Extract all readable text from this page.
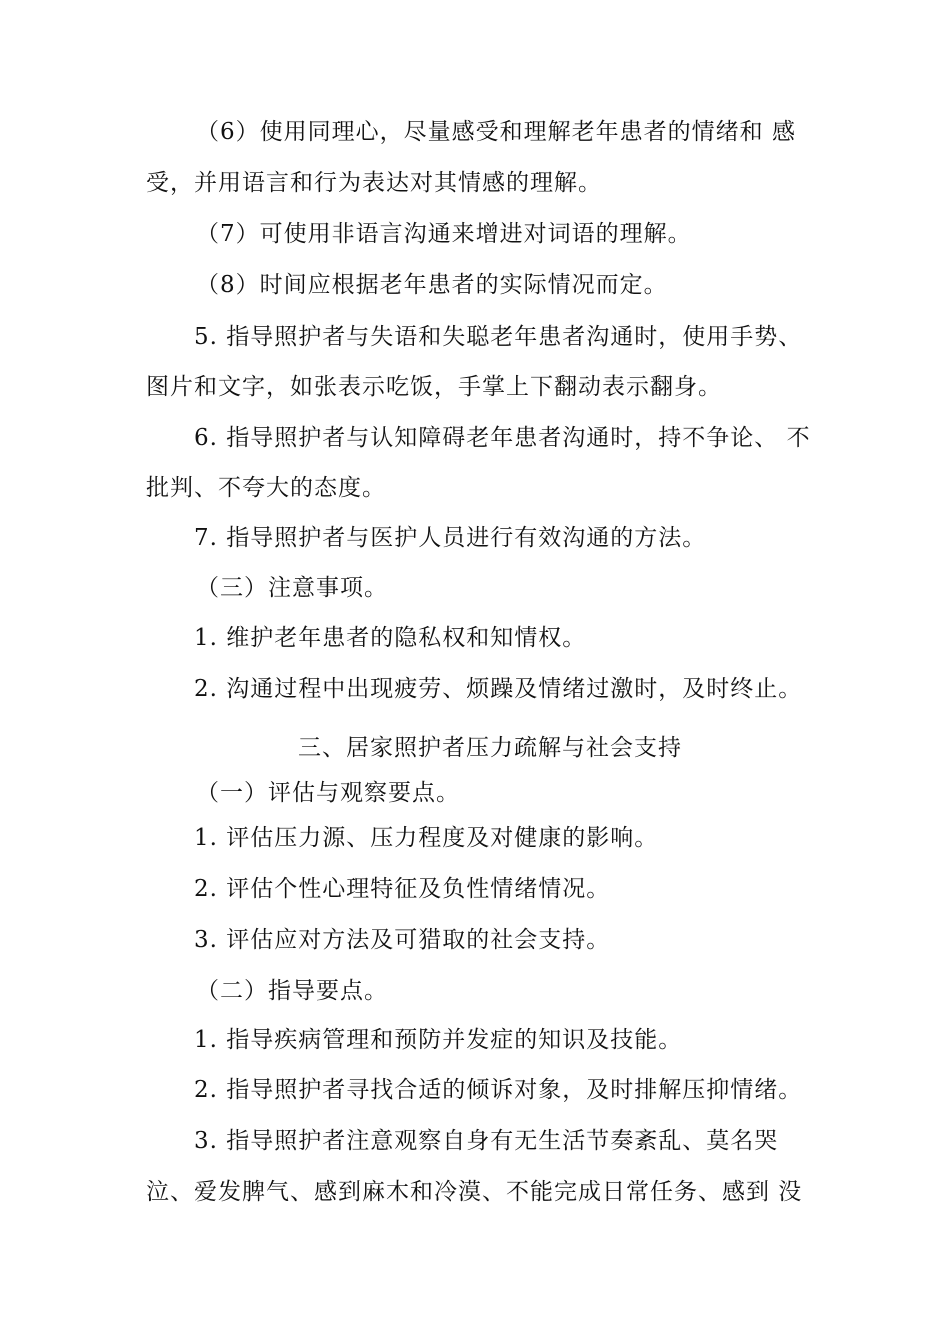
（6）使用同理心，尽量感受和理解老年患者的情绪和 感
受，并用语言和行为表达对其情感的理解。
（7）可使用非语言沟通来增进对词语的理解。
（8）时间应根据老年患者的实际情况而定。
5. 指导照护者与失语和失聪老年患者沟通时，使用手势、
图片和文字，如张表示吃饭，手掌上下翻动表示翻身。
6. 指导照护者与认知障碍老年患者沟通时，持不争论、 不
批判、不夸大的态度。
7. 指导照护者与医护人员进行有效沟通的方法。
（三）注意事项。
1. 维护老年患者的隐私权和知情权。
2. 沟通过程中出现疲劳、烦躁及情绪过激时，及时终止。
三、居家照护者压力疏解与社会支持
（一）评估与观察要点。
1. 评估压力源、压力程度及对健康的影响。
2. 评估个性心理特征及负性情绪情况。
3. 评估应对方法及可猎取的社会支持。
（二）指导要点。
1. 指导疾病管理和预防并发症的知识及技能。
2. 指导照护者寻找合适的倾诉对象，及时排解压抑情绪。
3. 指导照护者注意观察自身有无生活节奏紊乱、莫名哭
泣、爱发脾气、感到麻木和冷漠、不能完成日常任务、感到 没
